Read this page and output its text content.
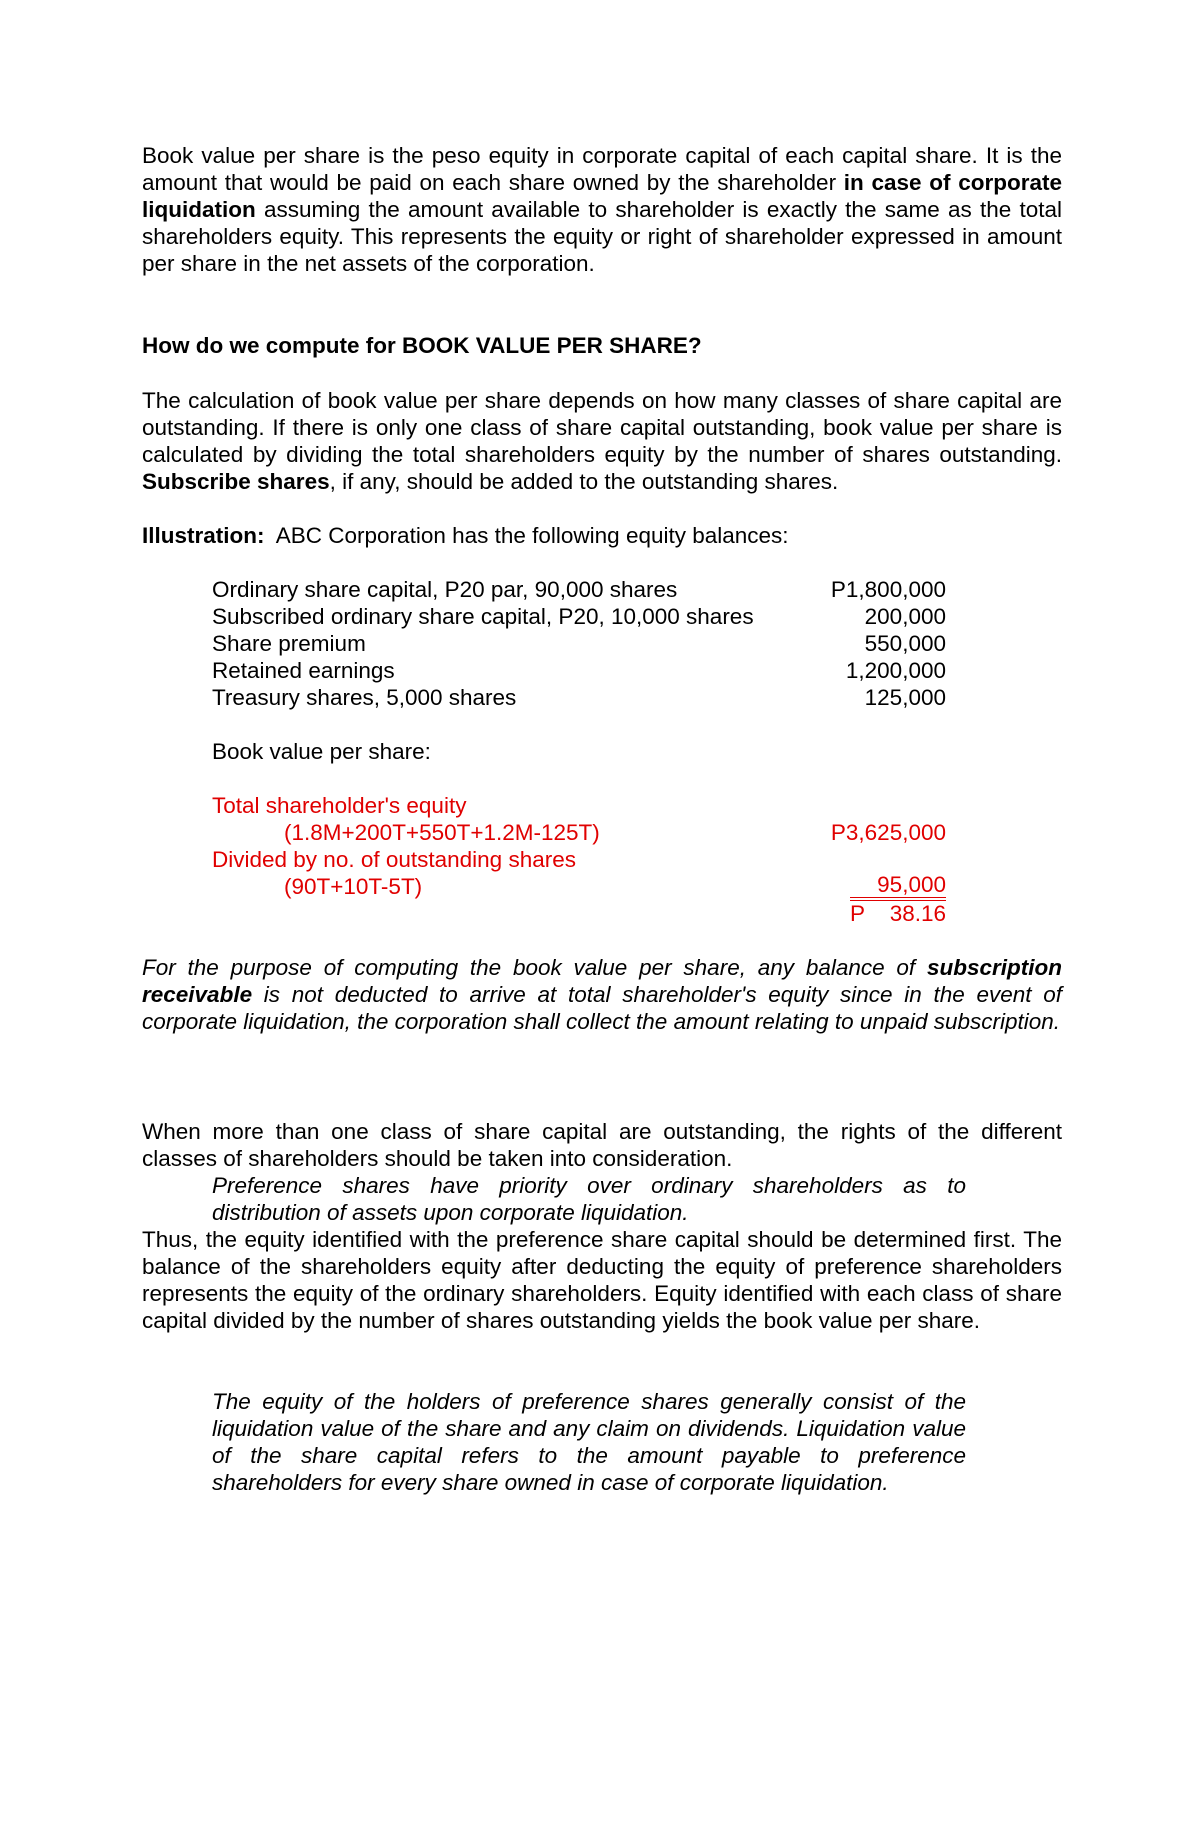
Book value per share is the peso equity in corporate capital of each capital share. It is the amount that would be paid on each share owned by the shareholder in case of corporate liquidation assuming the amount available to shareholder is exactly the same as the total shareholders equity. This represents the equity or right of shareholder expressed in amount per share in the net assets of the corporation.

How do we compute for BOOK VALUE PER SHARE?

The calculation of book value per share depends on how many classes of share capital are outstanding. If there is only one class of share capital outstanding, book value per share is calculated by dividing the total shareholders equity by the number of shares outstanding. Subscribe shares, if any, should be added to the outstanding shares.

Illustration:  ABC Corporation has the following equity balances:

Ordinary share capital, P20 par, 90,000 shares	P1,800,000
Subscribed ordinary share capital, P20, 10,000 shares	200,000
Share premium	550,000
Retained earnings	1,200,000
Treasury shares, 5,000 shares	125,000
Book value per share:
Total shareholder's equity
(1.8M+200T+550T+1.2M-125T)	P3,625,000
Divided by no. of outstanding shares
(90T+10T-5T)	95,000
P 38.16

For the purpose of computing the book value per share, any balance of subscription receivable is not deducted to arrive at total shareholder's equity since in the event of corporate liquidation, the corporation shall collect the amount relating to unpaid subscription.

When more than one class of share capital are outstanding, the rights of the different classes of shareholders should be taken into consideration.

Preference shares have priority over ordinary shareholders as to distribution of assets upon corporate liquidation.

Thus, the equity identified with the preference share capital should be determined first. The balance of the shareholders equity after deducting the equity of preference shareholders represents the equity of the ordinary shareholders. Equity identified with each class of share capital divided by the number of shares outstanding yields the book value per share.

The equity of the holders of preference shares generally consist of the liquidation value of the share and any claim on dividends. Liquidation value of the share capital refers to the amount payable to preference shareholders for every share owned in case of corporate liquidation.
